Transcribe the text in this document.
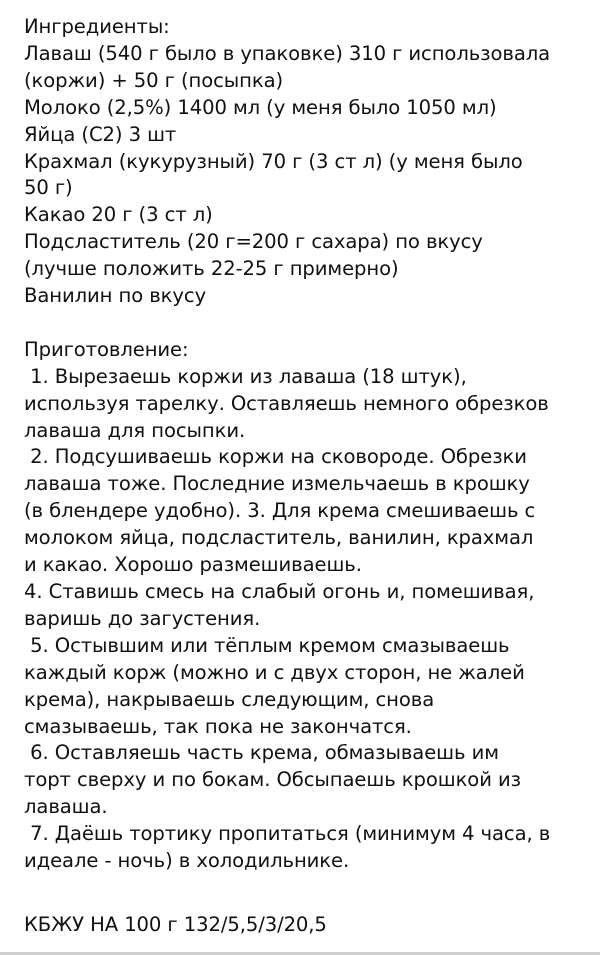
Ингредиенты:
Лаваш (540 г было в упаковке) 310 г использовала
(коржи) + 50 г (посыпка)
Молоко (2,5%) 1400 мл (у меня было 1050 мл)
Яйца (С2) 3 шт
Крахмал (кукурузный) 70 г (3 ст л) (у меня было
50 г)
Какао 20 г (3 ст л)
Подсластитель (20 г=200 г сахара) по вкусу
(лучше положить 22-25 г примерно)
Ванилин по вкусу
Приготовление:
1. Вырезаешь коржи из лаваша (18 штук),
используя тарелку. Оставляешь немного обрезков
лаваша для посыпки.
2. Подсушиваешь коржи на сковороде. Обрезки
лаваша тоже. Последние измельчаешь в крошку
(в блендере удобно). 3. Для крема смешиваешь с
молоком яйца, подсластитель, ванилин, крахмал
и какао. Хорошо размешиваешь.
4. Ставишь смесь на слабый огонь и, помешивая,
варишь до загустения.
5. Остывшим или тёплым кремом смазываешь
каждый корж (можно и с двух сторон, не жалей
крема), накрываешь следующим, снова
смазываешь, так пока не закончатся.
6. Оставляешь часть крема, обмазываешь им
торт сверху и по бокам. Обсыпаешь крошкой из
лаваша.
7. Даёшь тортику пропитаться (минимум 4 часа, в
идеале - ночь) в холодильнике.
КБЖУ НА 100 г 132/5,5/3/20,5
